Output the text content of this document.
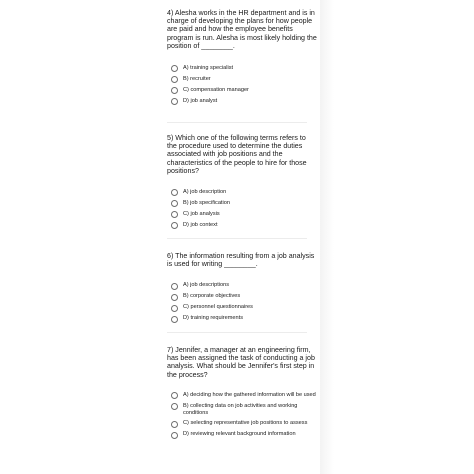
4) Alesha works in the HR department and is in charge of developing the plans for how people are paid and how the employee benefits program is run. Alesha is most likely holding the position of ________.

A) training specialist
B) recruiter
C) compensation manager
D) job analyst

5) Which one of the following terms refers to the procedure used to determine the duties associated with job positions and the characteristics of the people to hire for those positions?

A) job description
B) job specification
C) job analysis
D) job context

6) The information resulting from a job analysis is used for writing ________.

A) job descriptions
B) corporate objectives
C) personnel questionnaires
D) training requirements

7) Jennifer, a manager at an engineering firm, has been assigned the task of conducting a job analysis. What should be Jennifer's first step in the process?

A) deciding how the gathered information will be used
B) collecting data on job activities and working conditions
C) selecting representative job positions to assess
D) reviewing relevant background information
